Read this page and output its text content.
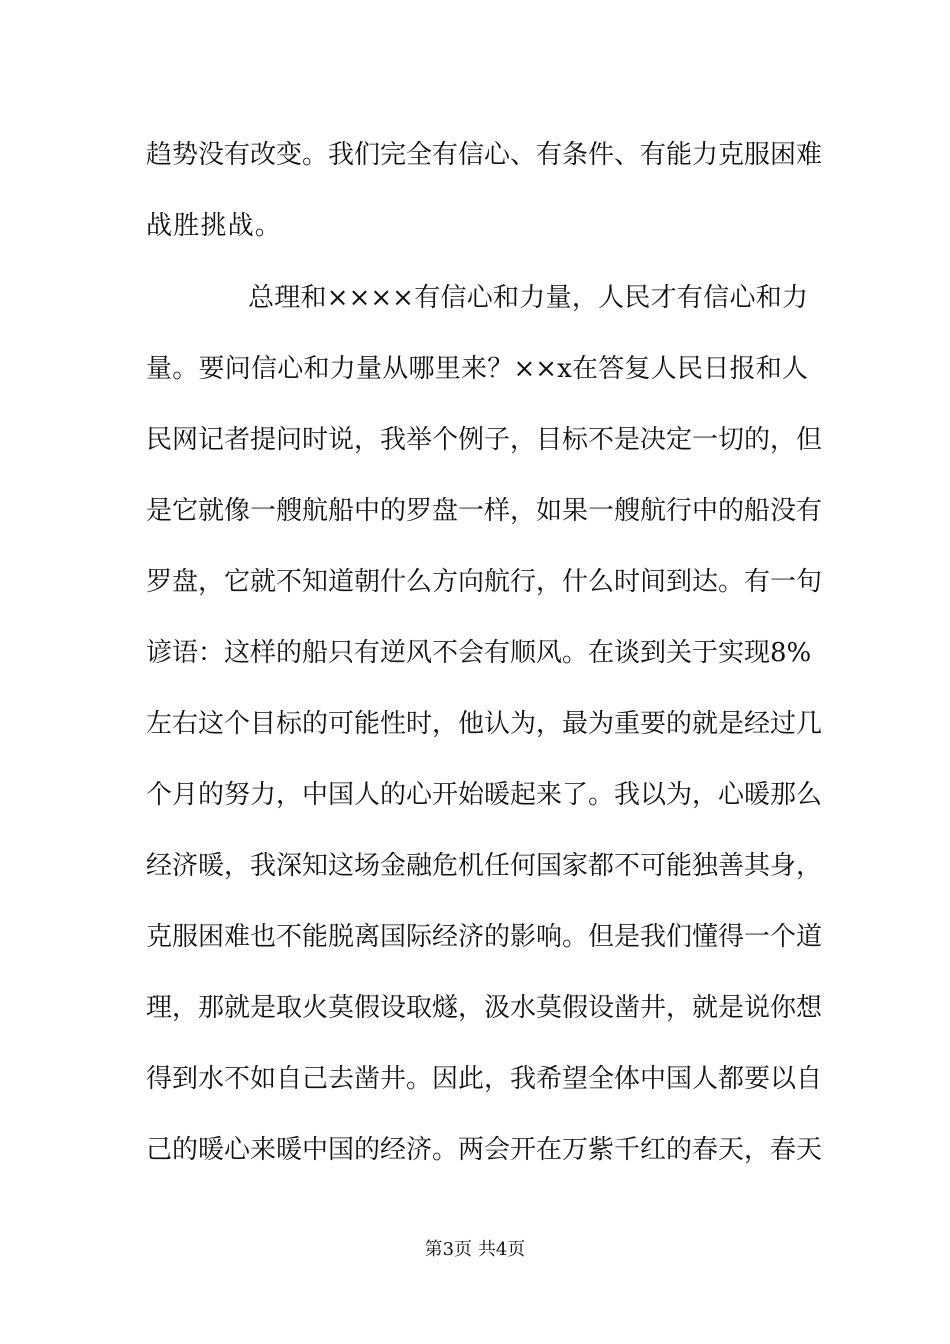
趋势没有改变。我们完全有信心、有条件、有能力克服困难
战胜挑战。
总理和××××有信心和力量，人民才有信心和力
量。要问信心和力量从哪里来？××x在答复人民日报和人
民网记者提问时说，我举个例子，目标不是决定一切的，但
是它就像一艘航船中的罗盘一样，如果一艘航行中的船没有
罗盘，它就不知道朝什么方向航行，什么时间到达。有一句
谚语：这样的船只有逆风不会有顺风。在谈到关于实现8%
左右这个目标的可能性时，他认为，最为重要的就是经过几
个月的努力，中国人的心开始暖起来了。我以为，心暖那么
经济暖，我深知这场金融危机任何国家都不可能独善其身，
克服困难也不能脱离国际经济的影响。但是我们懂得一个道
理，那就是取火莫假设取燧，汲水莫假设凿井，就是说你想
得到水不如自己去凿井。因此，我希望全体中国人都要以自
己的暖心来暖中国的经济。两会开在万紫千红的春天，春天
第3页 共4页
